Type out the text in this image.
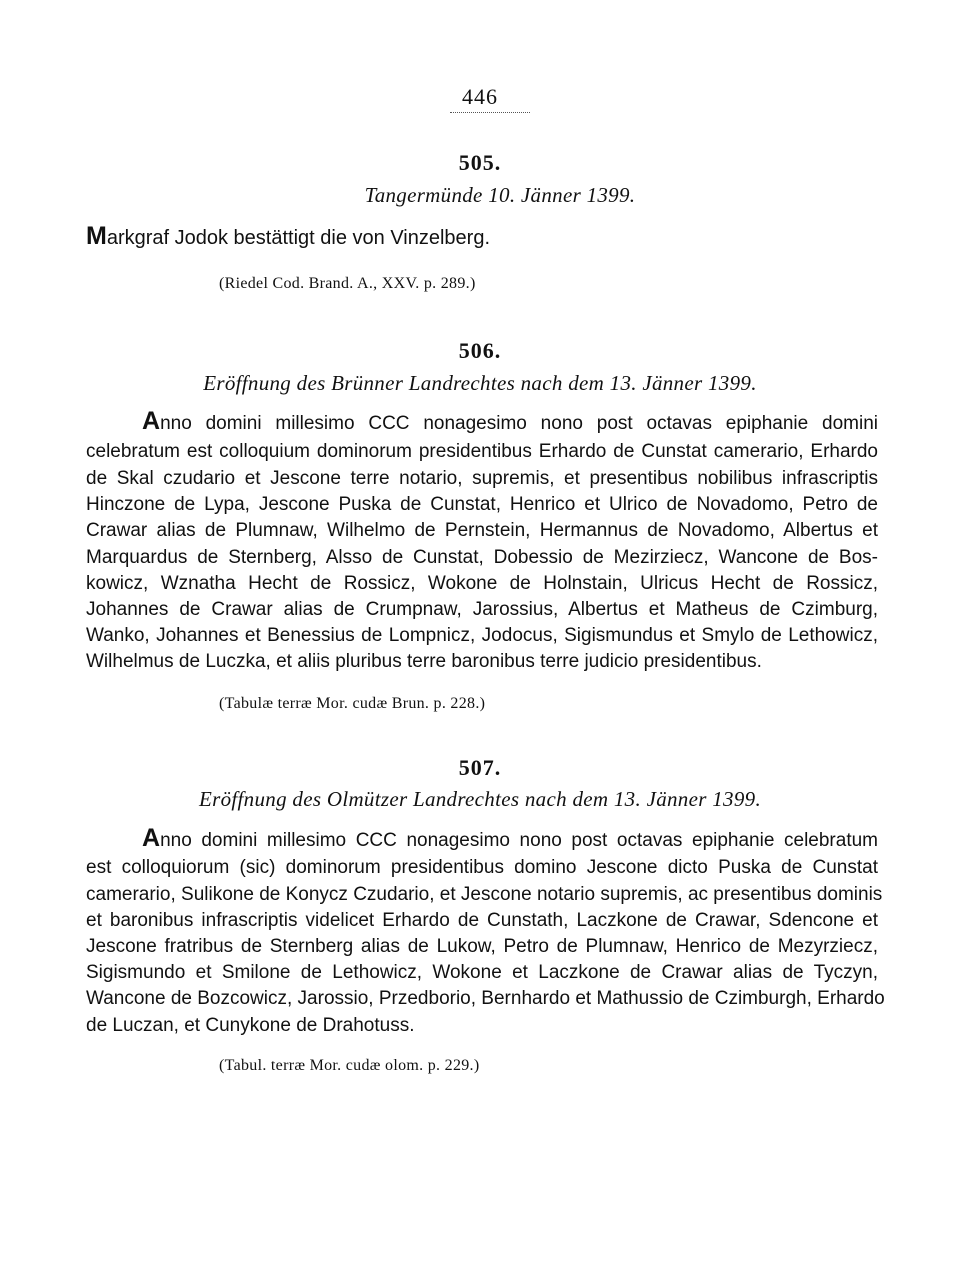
446
505.
Tangermünde 10. Jänner 1399.
Markgraf Jodok bestättigt die von Vinzelberg.
(Riedel Cod. Brand. A., XXV. p. 289.)
506.
Eröffnung des Brünner Landrechtes nach dem 13. Jänner 1399.
Anno domini millesimo CCC nonagesimo nono post octavas epiphanie domini
celebratum est colloquium dominorum presidentibus Erhardo de Cunstat camerario, Erhardo
de Skal czudario et Jescone terre notario, supremis, et presentibus nobilibus infrascriptis
Hinczone de Lypa, Jescone Puska de Cunstat, Henrico et Ulrico de Novadomo, Petro de
Crawar alias de Plumnaw, Wilhelmo de Pernstein, Hermannus de Novadomo, Albertus et
Marquardus de Sternberg, Alsso de Cunstat, Dobessio de Mezirziecz, Wancone de Bos-
kowicz, Wznatha Hecht de Rossicz, Wokone de Holnstain, Ulricus Hecht de Rossicz,
Johannes de Crawar alias de Crumpnaw, Jarossius, Albertus et Matheus de Czimburg,
Wanko, Johannes et Benessius de Lompnicz, Jodocus, Sigismundus et Smylo de Lethowicz,
Wilhelmus de Luczka, et aliis pluribus terre baronibus terre judicio presidentibus.
(Tabulæ terræ Mor. cudæ Brun. p. 228.)
507.
Eröffnung des Olmützer Landrechtes nach dem 13. Jänner 1399.
Anno domini millesimo CCC nonagesimo nono post octavas epiphanie celebratum
est colloquiorum (sic) dominorum presidentibus domino Jescone dicto Puska de Cunstat
camerario, Sulikone de Konycz Czudario, et Jescone notario supremis, ac presentibus dominis
et baronibus infrascriptis videlicet Erhardo de Cunstath, Laczkone de Crawar, Sdencone et
Jescone fratribus de Sternberg alias de Lukow, Petro de Plumnaw, Henrico de Mezyrziecz,
Sigismundo et Smilone de Lethowicz, Wokone et Laczkone de Crawar alias de Tyczyn,
Wancone de Bozcowicz, Jarossio, Przedborio, Bernhardo et Mathussio de Czimburgh, Erhardo
de Luczan, et Cunykone de Drahotuss.
(Tabul. terræ Mor. cudæ olom. p. 229.)
